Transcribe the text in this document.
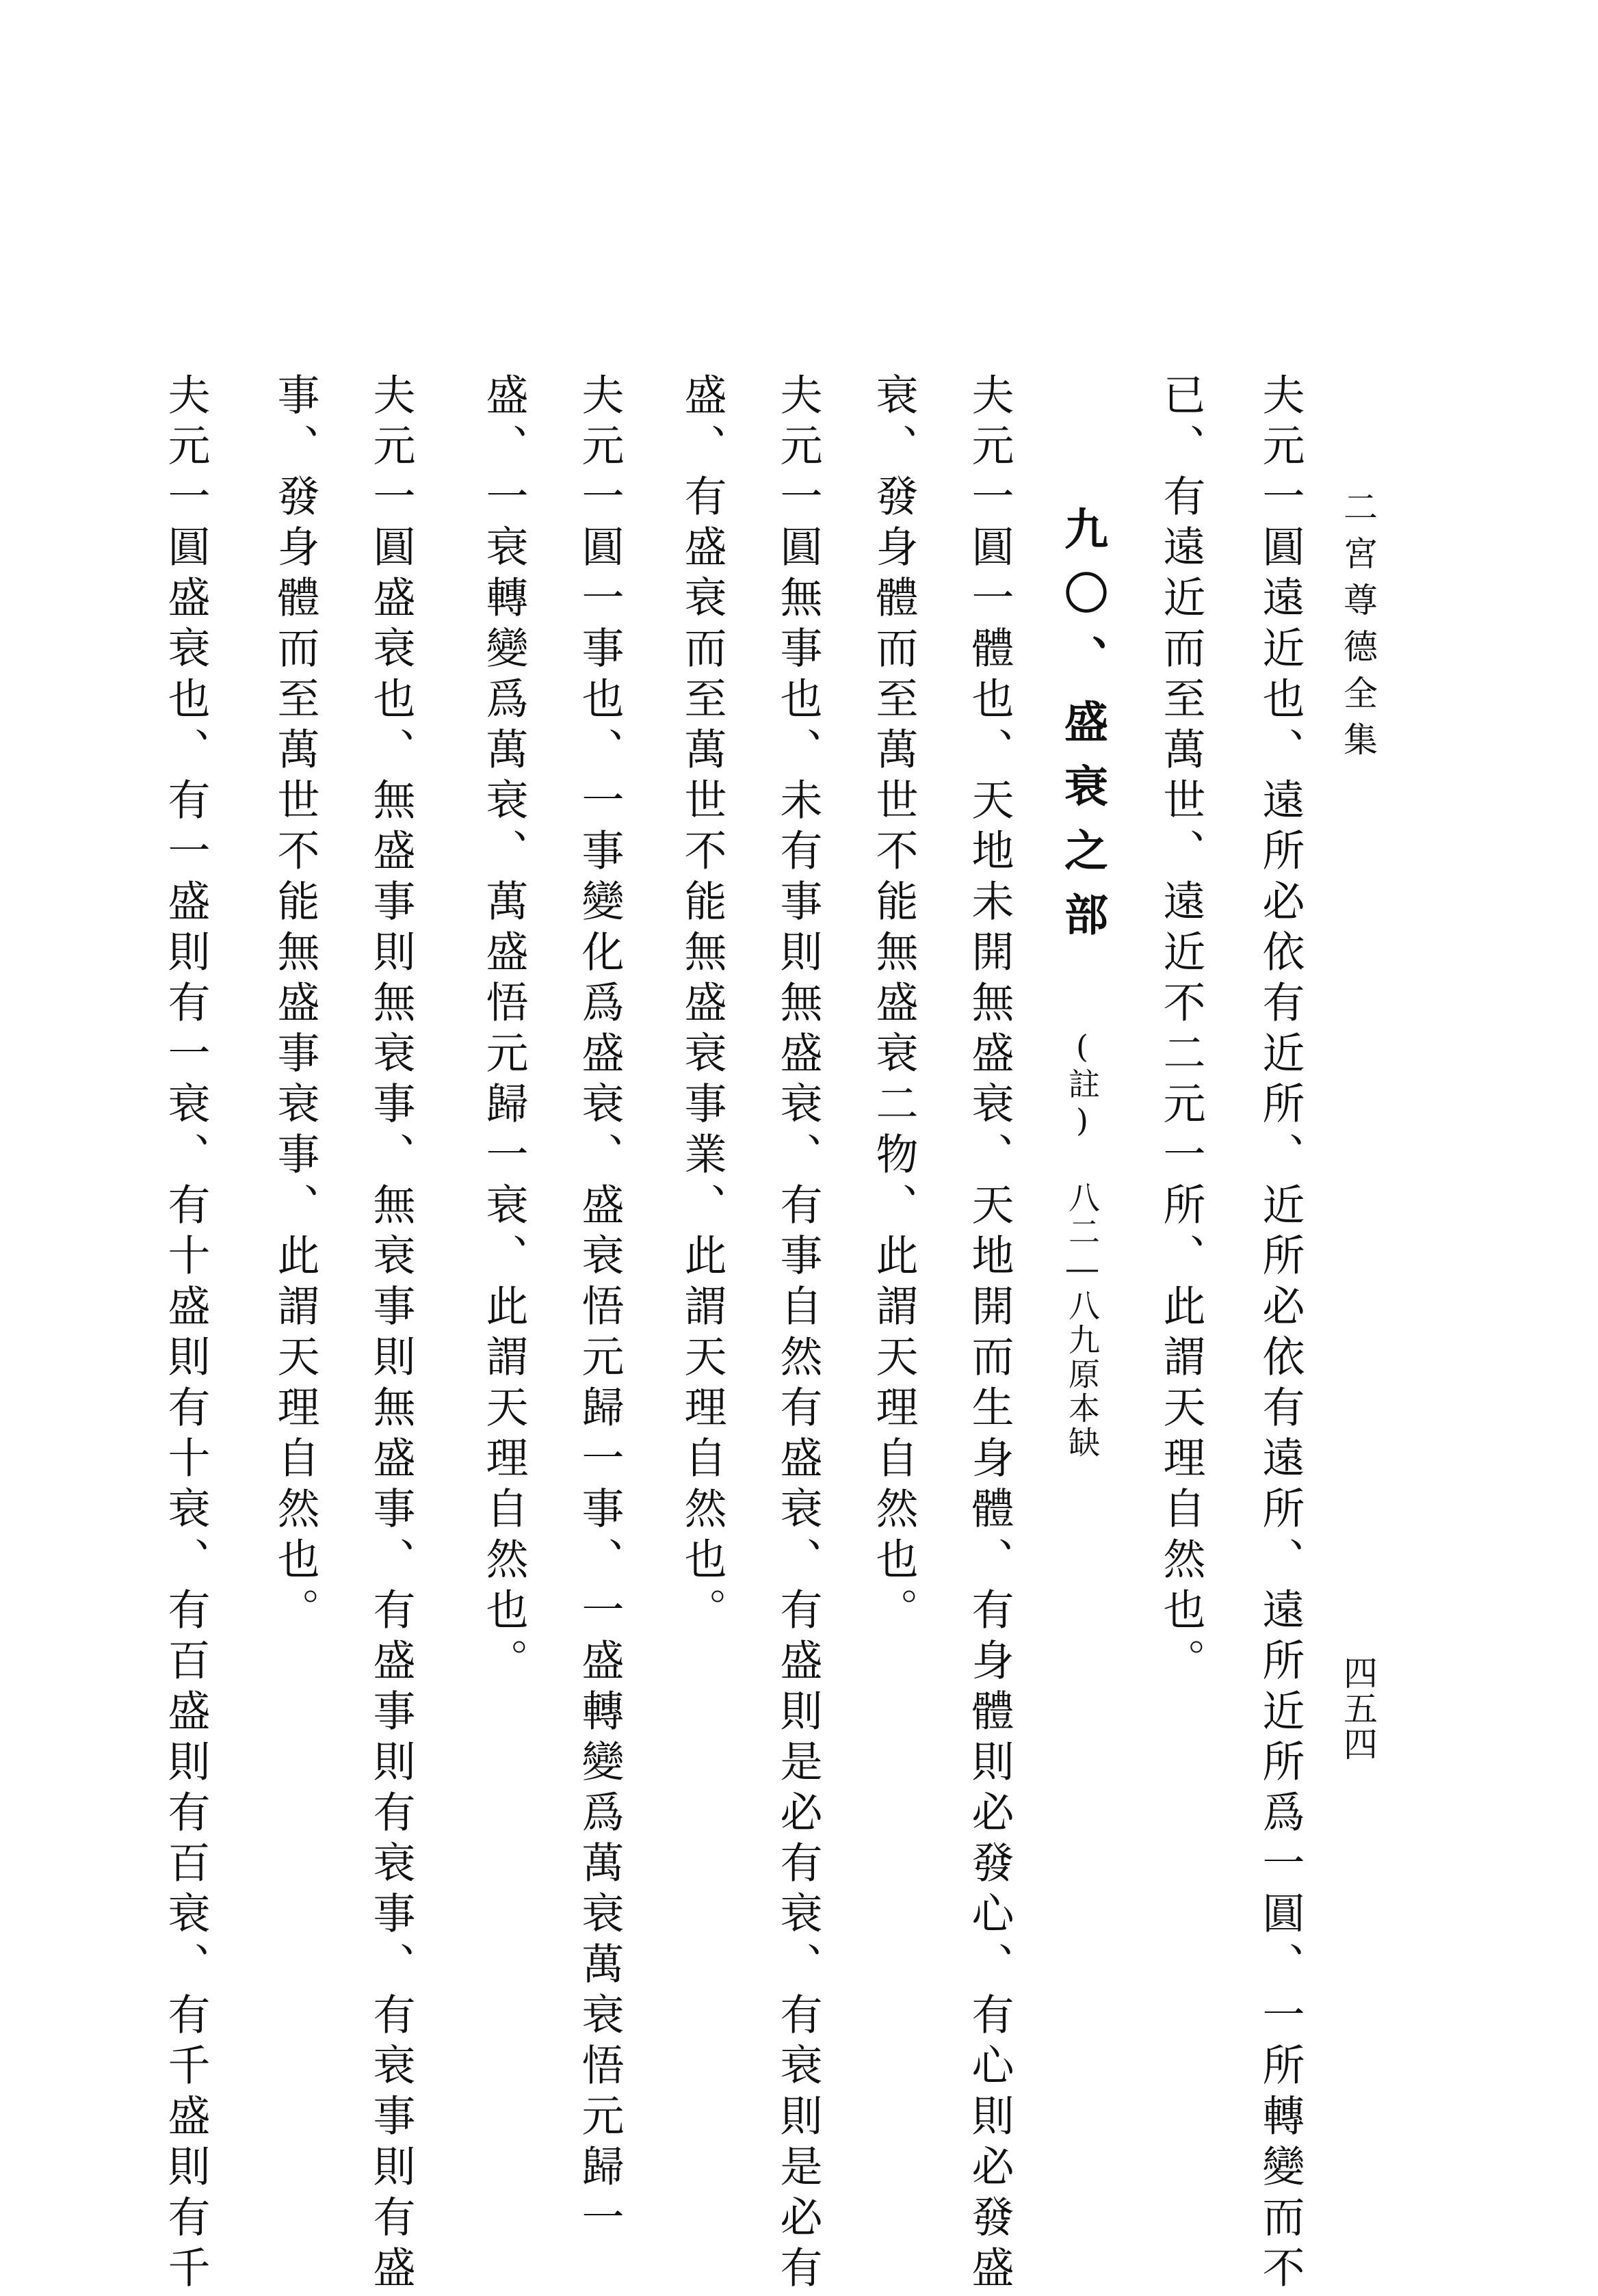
二宮尊德全集
四五四
夫元一圓遠近也、遠所必依有近所、近所必依有遠所、遠所近所爲一圓、一所轉變而不
已、有遠近而至萬世、遠近不二元一所、此謂天理自然也。
九〇、盛衰之部 (註) 八二―八九原本缺
夫元一圓一體也、天地未開無盛衰、天地開而生身體、有身體則必發心、有心則必發盛
衰、發身體而至萬世不能無盛衰二物、此謂天理自然也。
夫元一圓無事也、未有事則無盛衰、有事自然有盛衰、有盛則是必有衰、有衰則是必有
盛、有盛衰而至萬世不能無盛衰事業、此謂天理自然也。
夫元一圓一事也、一事變化爲盛衰、盛衰悟元歸一事、一盛轉變爲萬衰萬衰悟元歸一
盛、一衰轉變爲萬衰、萬盛悟元歸一衰、此謂天理自然也。
夫元一圓盛衰也、無盛事則無衰事、無衰事則無盛事、有盛事則有衰事、有衰事則有盛
事、發身體而至萬世不能無盛事衰事、此謂天理自然也。
夫元一圓盛衰也、有一盛則有一衰、有十盛則有十衰、有百盛則有百衰、有千盛則有千
